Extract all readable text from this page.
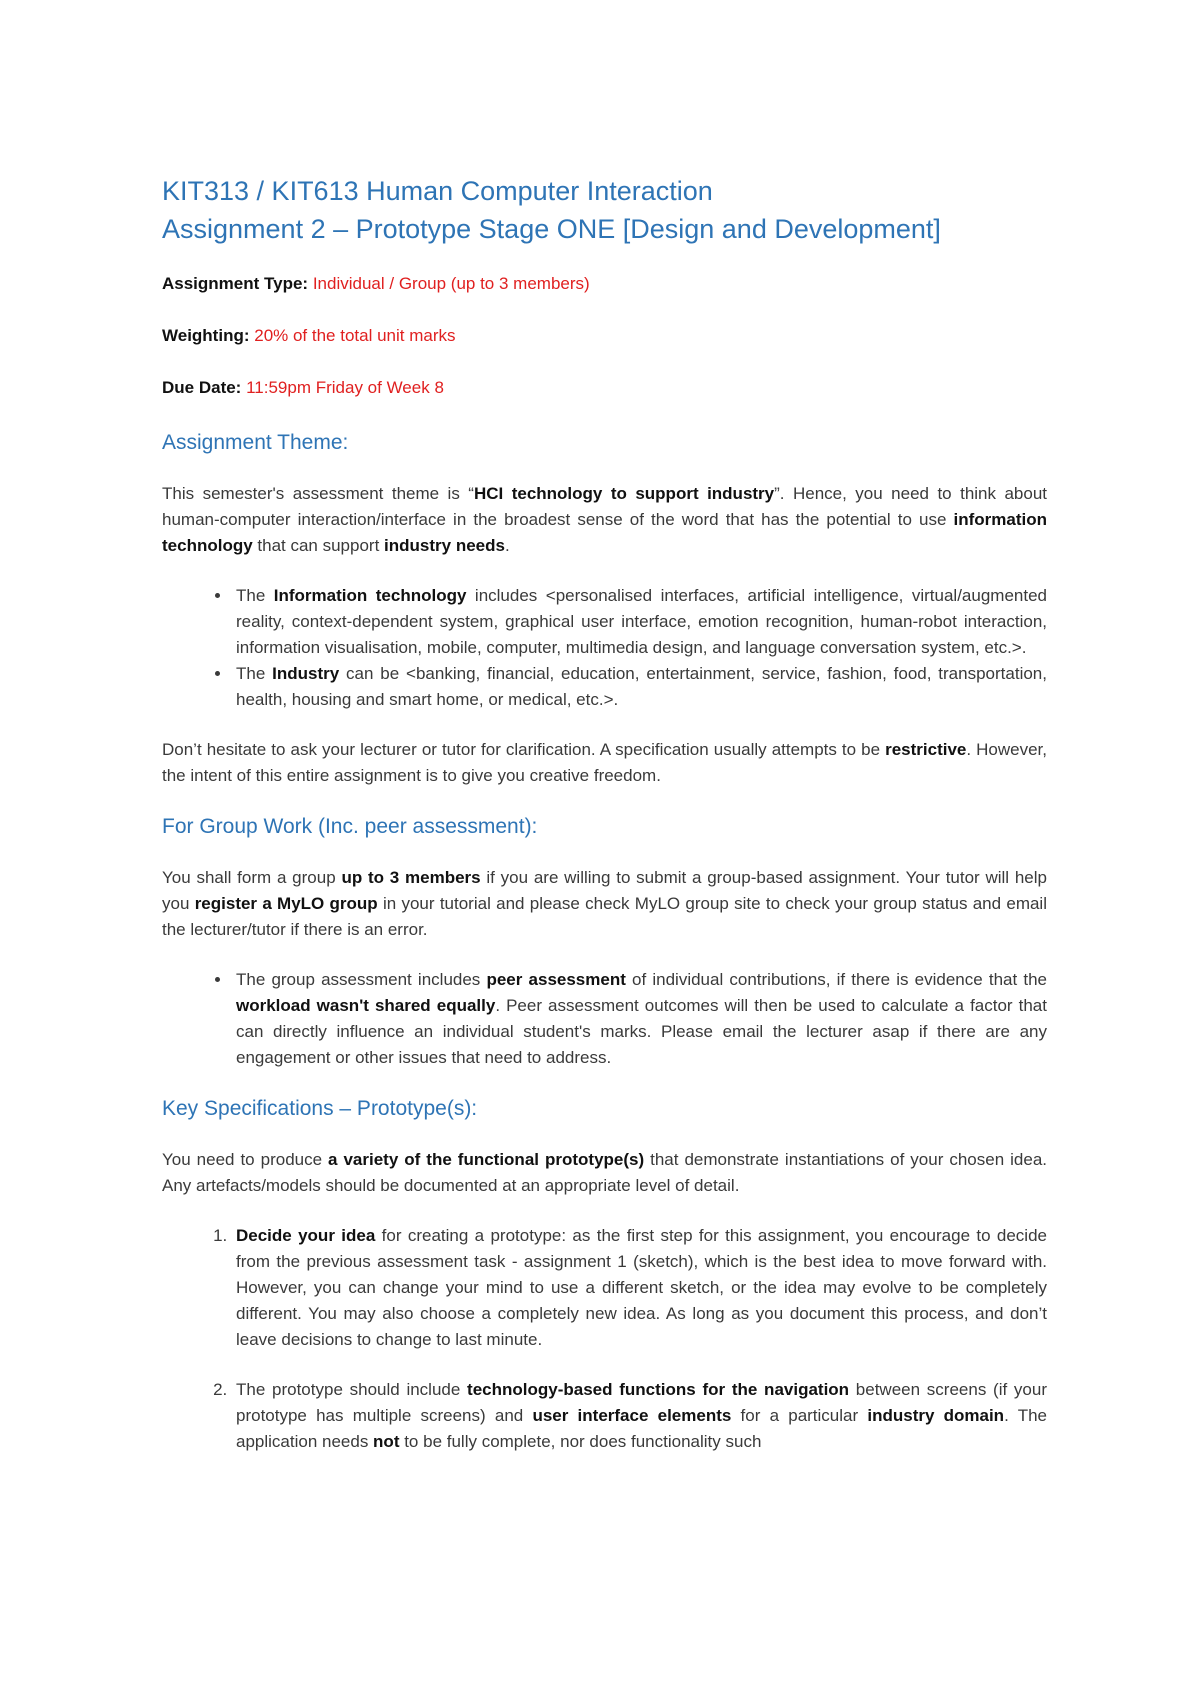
KIT313 / KIT613 Human Computer Interaction
Assignment 2 – Prototype Stage ONE [Design and Development]

Assignment Type: Individual / Group (up to 3 members)

Weighting: 20% of the total unit marks

Due Date: 11:59pm Friday of Week 8

Assignment Theme:

This semester's assessment theme is “HCI technology to support industry”. Hence, you need to think about human-computer interaction/interface in the broadest sense of the word that has the potential to use information technology that can support industry needs.

• The Information technology includes <personalised interfaces, artificial intelligence, virtual/augmented reality, context-dependent system, graphical user interface, emotion recognition, human-robot interaction, information visualisation, mobile, computer, multimedia design, and language conversation system, etc.>.
• The Industry can be <banking, financial, education, entertainment, service, fashion, food, transportation, health, housing and smart home, or medical, etc.>.

Don’t hesitate to ask your lecturer or tutor for clarification. A specification usually attempts to be restrictive. However, the intent of this entire assignment is to give you creative freedom.

For Group Work (Inc. peer assessment):

You shall form a group up to 3 members if you are willing to submit a group-based assignment. Your tutor will help you register a MyLO group in your tutorial and please check MyLO group site to check your group status and email the lecturer/tutor if there is an error.

• The group assessment includes peer assessment of individual contributions, if there is evidence that the workload wasn't shared equally. Peer assessment outcomes will then be used to calculate a factor that can directly influence an individual student's marks. Please email the lecturer asap if there are any engagement or other issues that need to address.
Key Specifications – Prototype(s):

You need to produce a variety of the functional prototype(s) that demonstrate instantiations of your chosen idea. Any artefacts/models should be documented at an appropriate level of detail.

1. Decide your idea for creating a prototype: as the first step for this assignment, you encourage to decide from the previous assessment task - assignment 1 (sketch), which is the best idea to move forward with. However, you can change your mind to use a different sketch, or the idea may evolve to be completely different. You may also choose a completely new idea. As long as you document this process, and don’t leave decisions to change to last minute.
2. The prototype should include technology-based functions for the navigation between screens (if your prototype has multiple screens) and user interface elements for a particular industry domain. The application needs not to be fully complete, nor does functionality such
